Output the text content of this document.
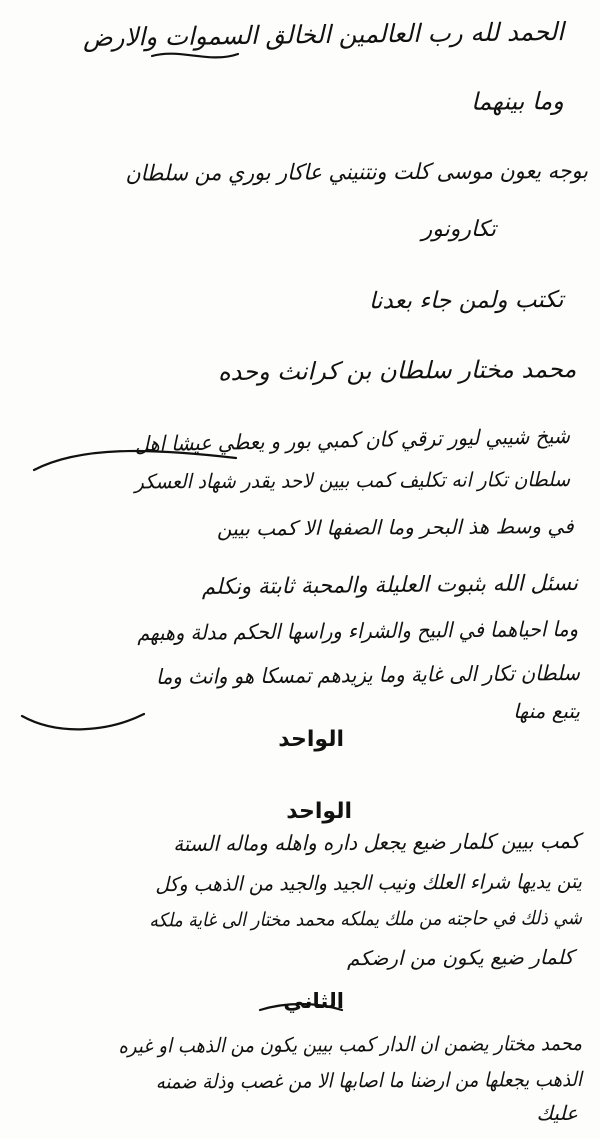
الحمد لله رب العالمين الخالق السموات والارض
وما بينهما
بوجه يعون موسى كلت ونتنيني عاكار بوري من سلطان
تكارونور
تكتب ولمن جاء بعدنا
محمد مختار سلطان بن كرانث وحده
شيخ شيبي ليور ترقي كان كمبي بور و يعطي عيشا اهل
سلطان تكار انه تكليف كمب بيين لاحد يقدر شهاد العسكر
في وسط هذ البحر وما الصفها الا كمب بيين
نسئل الله بثبوت العليلة والمحبة ثابتة ونكلم
وما احياهما في البيح والشراء وراسها الحكم مدلة وهبهم
سلطان تكار الى غاية وما يزيدهم تمسكا هو وانث وما
يتبع منها
الواحد
الواحد
كمب بيين كلمار ضيع يجعل داره واهله وماله الستة
يتن يديها شراء العلك ونيب الجيد والجيد من الذهب وكل
شي ذلك في حاجته من ملك يملكه محمد مختار الى غاية ملكه
كلمار ضيع يكون من ارضكم
الثاني
محمد مختار يضمن ان الدار كمب بيين يكون من الذهب او غيره
الذهب يجعلها من ارضنا ما اصابها الا من غصب وذلة ضمنه
عليك
